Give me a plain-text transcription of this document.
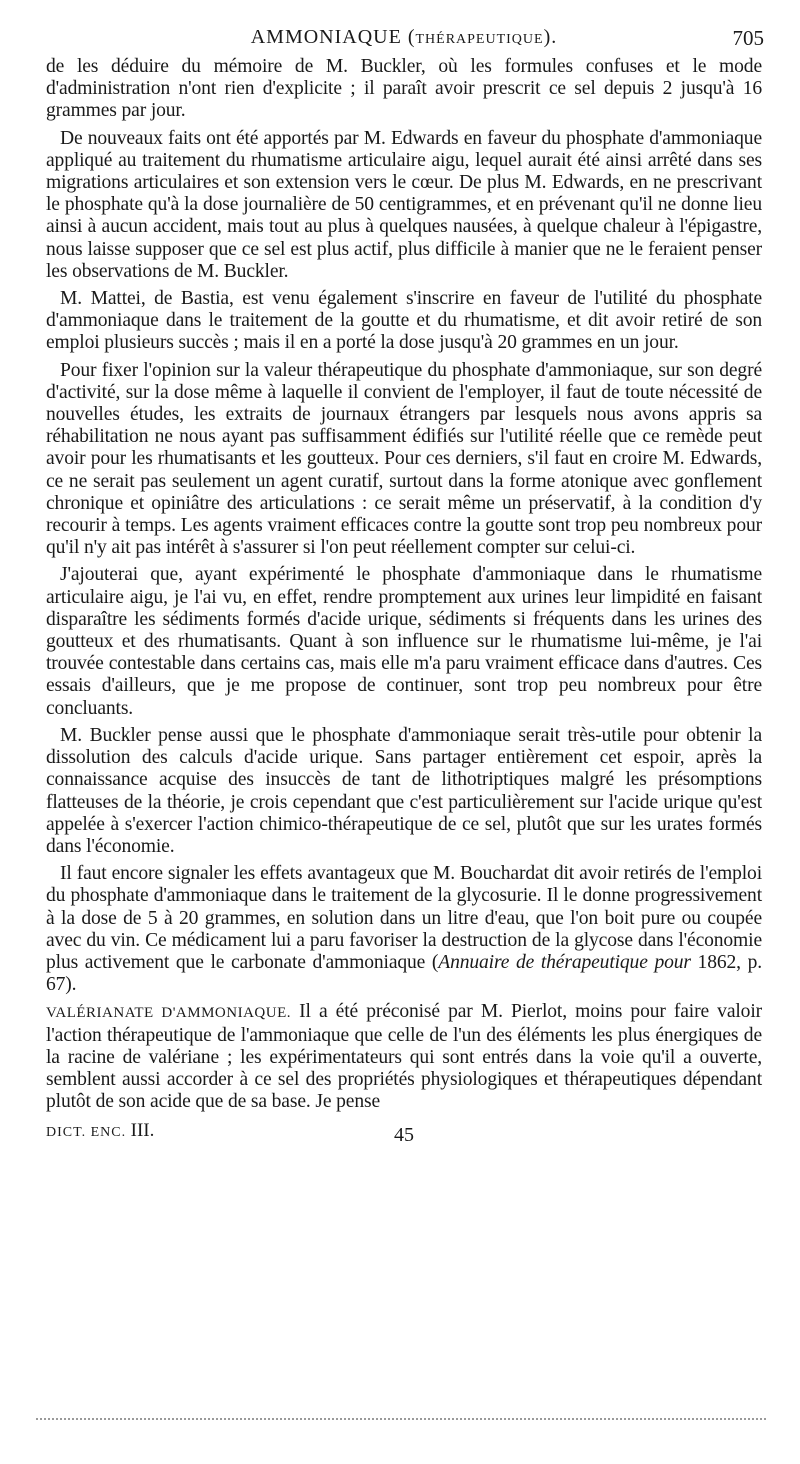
AMMONIAQUE (THÉRAPEUTIQUE).	705

de les déduire du mémoire de M. Buckler, où les formules confuses et le mode d'administration n'ont rien d'explicite ; il paraît avoir prescrit ce sel depuis 2 jusqu'à 16 grammes par jour.

De nouveaux faits ont été apportés par M. Edwards en faveur du phosphate d'ammoniaque appliqué au traitement du rhumatisme articulaire aigu, lequel aurait été ainsi arrêté dans ses migrations articulaires et son extension vers le cœur. De plus M. Edwards, en ne prescrivant le phosphate qu'à la dose journalière de 50 centigrammes, et en prévenant qu'il ne donne lieu ainsi à aucun accident, mais tout au plus à quelques nausées, à quelque chaleur à l'épigastre, nous laisse supposer que ce sel est plus actif, plus difficile à manier que ne le feraient penser les observations de M. Buckler.

M. Mattei, de Bastia, est venu également s'inscrire en faveur de l'utilité du phosphate d'ammoniaque dans le traitement de la goutte et du rhumatisme, et dit avoir retiré de son emploi plusieurs succès ; mais il en a porté la dose jusqu'à 20 grammes en un jour.

Pour fixer l'opinion sur la valeur thérapeutique du phosphate d'ammoniaque, sur son degré d'activité, sur la dose même à laquelle il convient de l'employer, il faut de toute nécessité de nouvelles études, les extraits de journaux étrangers par lesquels nous avons appris sa réhabilitation ne nous ayant pas suffisamment édifiés sur l'utilité réelle que ce remède peut avoir pour les rhumatisants et les goutteux. Pour ces derniers, s'il faut en croire M. Edwards, ce ne serait pas seulement un agent curatif, surtout dans la forme atonique avec gonflement chronique et opiniâtre des articulations : ce serait même un préservatif, à la condition d'y recourir à temps. Les agents vraiment efficaces contre la goutte sont trop peu nombreux pour qu'il n'y ait pas intérêt à s'assurer si l'on peut réellement compter sur celui-ci.

J'ajouterai que, ayant expérimenté le phosphate d'ammoniaque dans le rhumatisme articulaire aigu, je l'ai vu, en effet, rendre promptement aux urines leur limpidité en faisant disparaître les sédiments formés d'acide urique, sédiments si fréquents dans les urines des goutteux et des rhumatisants. Quant à son influence sur le rhumatisme lui-même, je l'ai trouvée contestable dans certains cas, mais elle m'a paru vraiment efficace dans d'autres. Ces essais d'ailleurs, que je me propose de continuer, sont trop peu nombreux pour être concluants.

M. Buckler pense aussi que le phosphate d'ammoniaque serait très-utile pour obtenir la dissolution des calculs d'acide urique. Sans partager entièrement cet espoir, après la connaissance acquise des insuccès de tant de lithotriptiques malgré les présomptions flatteuses de la théorie, je crois cependant que c'est particulièrement sur l'acide urique qu'est appelée à s'exercer l'action chimico-thérapeutique de ce sel, plutôt que sur les urates formés dans l'économie.

Il faut encore signaler les effets avantageux que M. Bouchardat dit avoir retirés de l'emploi du phosphate d'ammoniaque dans le traitement de la glycosurie. Il le donne progressivement à la dose de 5 à 20 grammes, en solution dans un litre d'eau, que l'on boit pure ou coupée avec du vin. Ce médicament lui a paru favoriser la destruction de la glycose dans l'économie plus activement que le carbonate d'ammoniaque (Annuaire de thérapeutique pour 1862, p. 67).

VALÉRIANATE D'AMMONIAQUE. Il a été préconisé par M. Pierlot, moins pour faire valoir l'action thérapeutique de l'ammoniaque que celle de l'un des éléments les plus énergiques de la racine de valériane ; les expérimentateurs qui sont entrés dans la voie qu'il a ouverte, semblent aussi accorder à ce sel des propriétés physiologiques et thérapeutiques dépendant plutôt de son acide que de sa base. Je pense

DICT. ENC. III.	45
